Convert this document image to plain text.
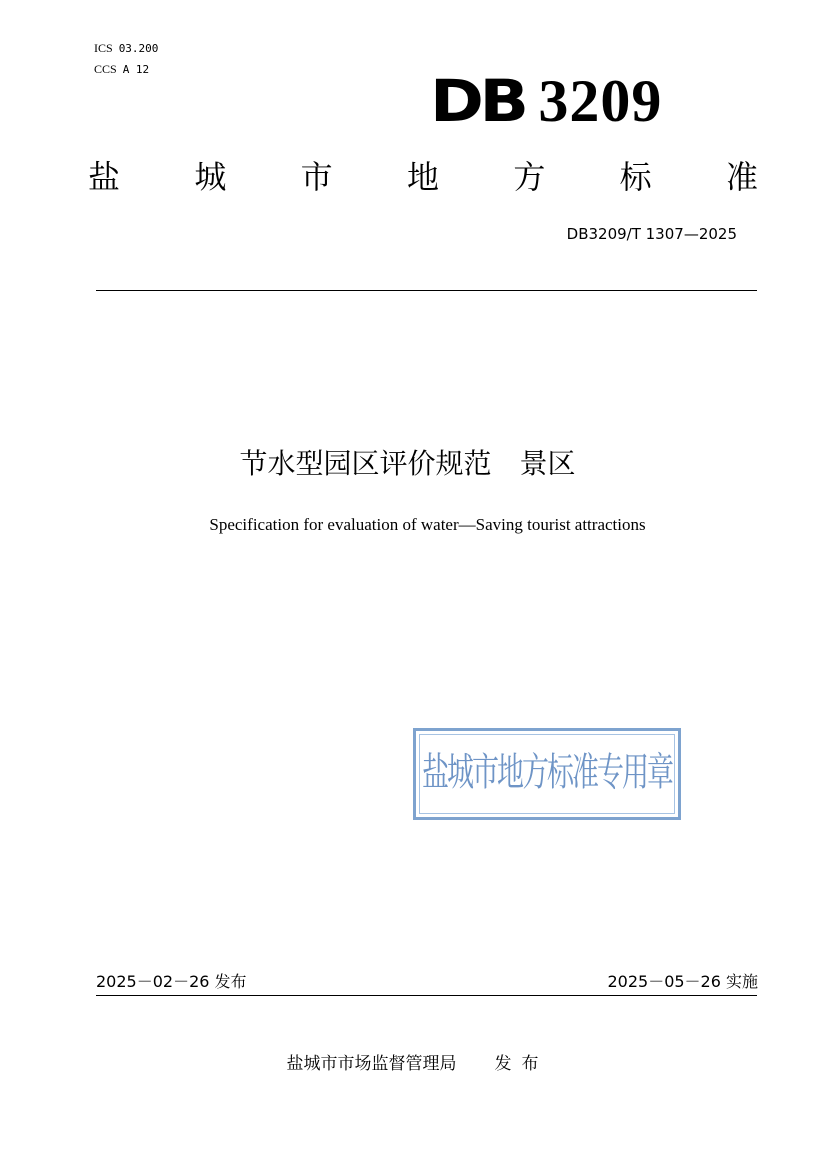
ICS 03.200
CCS A 12	DB 3209
盐 城 市 地 方 标 准
DB3209/T 1307—2025
节水型园区评价规范　景区
Specification for evaluation of water—Saving tourist attractions
盐城市地方标准专用章
2025－02－26 发布	2025－05－26 实施
盐城市市场监督管理局 发布
